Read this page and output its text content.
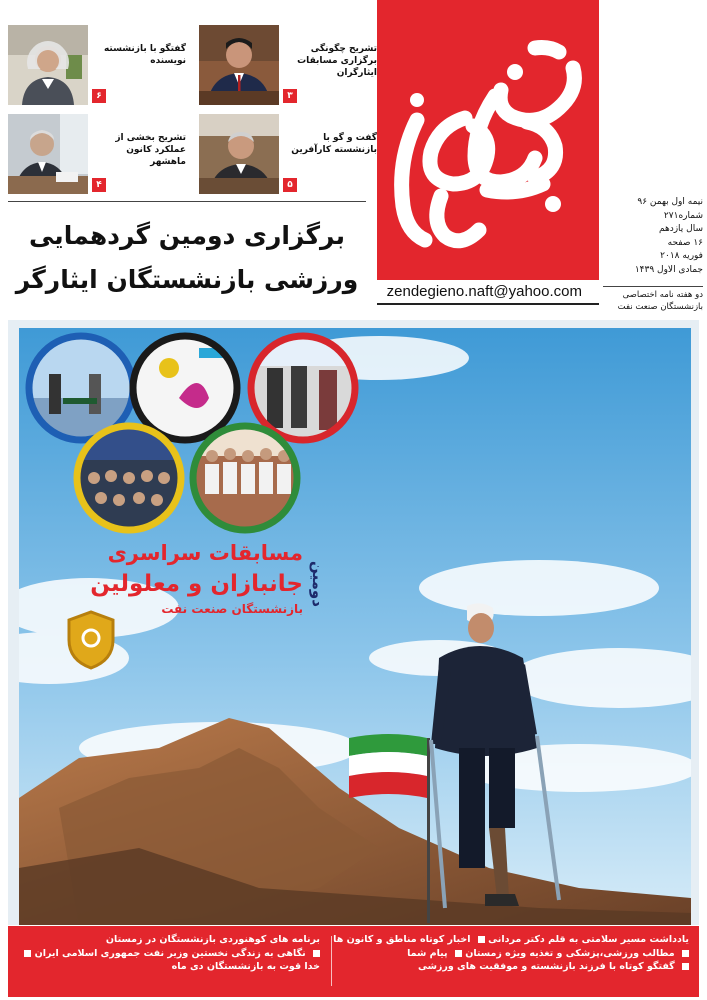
گفتگو با بازنشسته نویسنده
۶
تشریح چگونگی برگزاری مسابقات ایثارگران
۳
تشریح بخشی از عملکرد کانون ماهشهر
۴
گفت و گو با بازنشسته کارآفرین
۵
برگزاری دومین گردهمایی
ورزشی بازنشستگان ایثارگر	zendegieno.naft@yahoo.com
نیمه اول بهمن ۹۶
شماره۲۷۱
سال یازدهم
۱۶ صفحه
فوریه ۲۰۱۸
جمادی الاول ۱۴۳۹
دو هفته نامه اختصاصی
بازنشستگان صنعت نفت
مسابقات سراسری
جانبازان و معلولین
بازنشستگان صنعت نفت
دومین
یادداشت مسیر سلامتی به قلم دکتر مردانی  اخبار کوتاه مناطق و کانون ها
مطالب ورزشی،پزشکی و تغذیه ویژه زمستان  پیام شما
گفتگو کوتاه با فرزند بازنشسته و موفقیت های ورزشی
برنامه های کوهنوردی بازنشستگان در زمستان
نگاهی به زندگی نخستین وزیر نفت جمهوری اسلامی ایران
خدا قوت به بازنشستگان دی ماه
